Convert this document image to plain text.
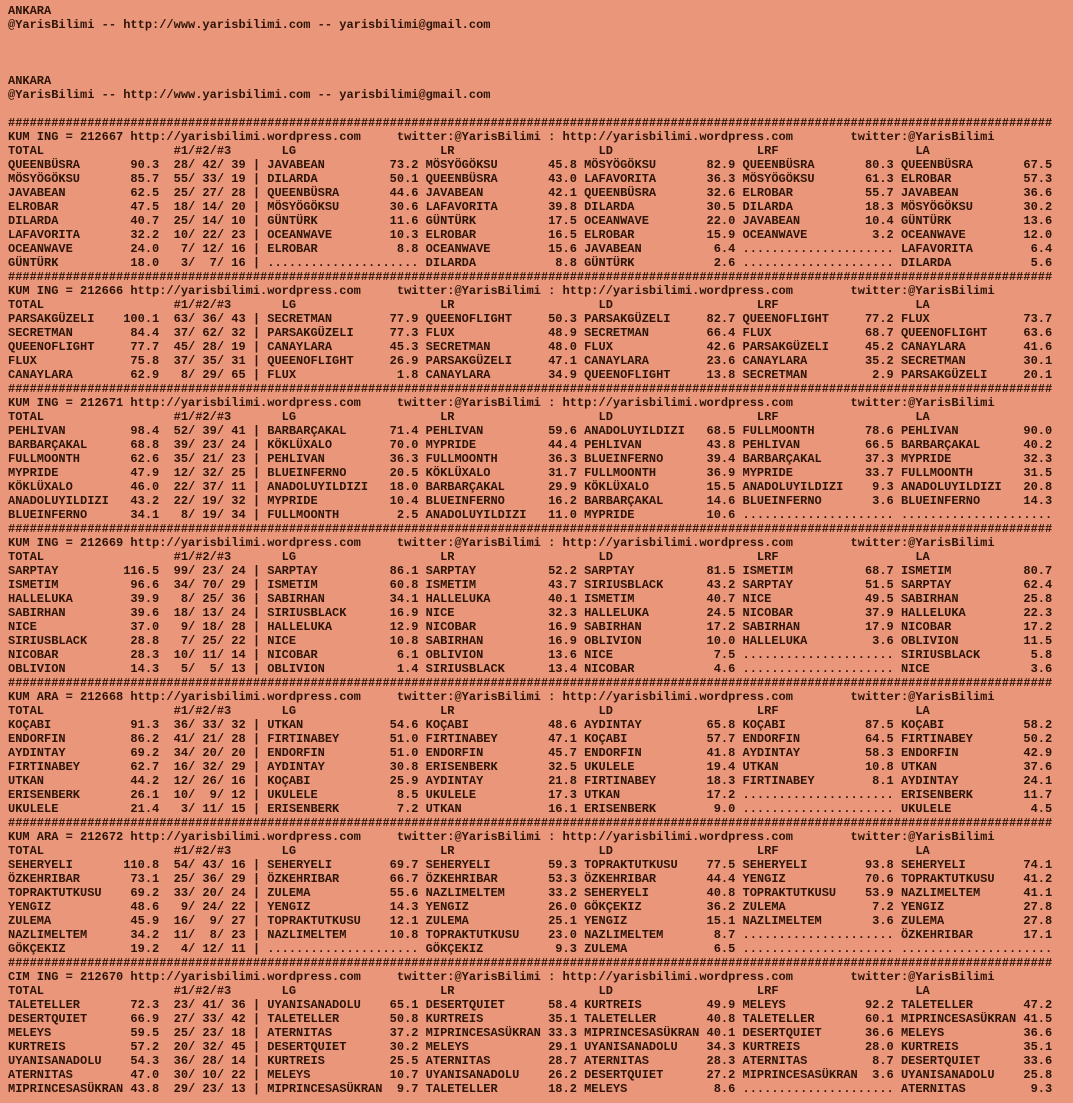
ANKARA
@YarisBilimi -- http://www.yarisbilimi.com -- yarisbilimi@gmail.com
ANKARA
@YarisBilimi -- http://www.yarisbilimi.com -- yarisbilimi@gmail.com
#################################################################################################################################################
KUM ING = 212667 http://yarisbilimi.wordpress.com     twitter:@YarisBilimi : http://yarisbilimi.wordpress.com        twitter:@YarisBilimi
TOTAL                  #1/#2/#3       LG                    LR                    LD                    LRF                   LA
QUEENBÜSRA       90.3  28/ 42/ 39 | JAVABEAN         73.2 MÖSYÖGÖKSU       45.8 MÖSYÖGÖKSU       82.9 QUEENBÜSRA       80.3 QUEENBÜSRA       67.5
MÖSYÖGÖKSU       85.7  55/ 33/ 19 | DILARDA          50.1 QUEENBÜSRA       43.0 LAFAVORITA       36.3 MÖSYÖGÖKSU       61.3 ELROBAR          57.3
JAVABEAN         62.5  25/ 27/ 28 | QUEENBÜSRA       44.6 JAVABEAN         42.1 QUEENBÜSRA       32.6 ELROBAR          55.7 JAVABEAN         36.6
ELROBAR          47.5  18/ 14/ 20 | MÖSYÖGÖKSU       30.6 LAFAVORITA       39.8 DILARDA          30.5 DILARDA          18.3 MÖSYÖGÖKSU       30.2
DILARDA          40.7  25/ 14/ 10 | GÜNTÜRK          11.6 GÜNTÜRK          17.5 OCEANWAVE        22.0 JAVABEAN         10.4 GÜNTÜRK          13.6
LAFAVORITA       32.2  10/ 22/ 23 | OCEANWAVE        10.3 ELROBAR          16.5 ELROBAR          15.9 OCEANWAVE         3.2 OCEANWAVE        12.0
OCEANWAVE        24.0   7/ 12/ 16 | ELROBAR           8.8 OCEANWAVE        15.6 JAVABEAN          6.4 ..................... LAFAVORITA        6.4
GÜNTÜRK          18.0   3/  7/ 16 | ..................... DILARDA           8.8 GÜNTÜRK           2.6 ..................... DILARDA           5.6
#################################################################################################################################################
KUM ING = 212666 http://yarisbilimi.wordpress.com     twitter:@YarisBilimi : http://yarisbilimi.wordpress.com        twitter:@YarisBilimi
TOTAL                  #1/#2/#3       LG                    LR                    LD                    LRF                   LA
PARSAKGÜZELI    100.1  63/ 36/ 43 | SECRETMAN        77.9 QUEENOFLIGHT     50.3 PARSAKGÜZELI     82.7 QUEENOFLIGHT     77.2 FLUX             73.7
SECRETMAN        84.4  37/ 62/ 32 | PARSAKGÜZELI     77.3 FLUX             48.9 SECRETMAN        66.4 FLUX             68.7 QUEENOFLIGHT     63.6
QUEENOFLIGHT     77.7  45/ 28/ 19 | CANAYLARA        45.3 SECRETMAN        48.0 FLUX             42.6 PARSAKGÜZELI     45.2 CANAYLARA        41.6
FLUX             75.8  37/ 35/ 31 | QUEENOFLIGHT     26.9 PARSAKGÜZELI     47.1 CANAYLARA        23.6 CANAYLARA        35.2 SECRETMAN        30.1
CANAYLARA        62.9   8/ 29/ 65 | FLUX              1.8 CANAYLARA        34.9 QUEENOFLIGHT     13.8 SECRETMAN         2.9 PARSAKGÜZELI     20.1
#################################################################################################################################################
KUM ING = 212671 http://yarisbilimi.wordpress.com     twitter:@YarisBilimi : http://yarisbilimi.wordpress.com        twitter:@YarisBilimi
TOTAL                  #1/#2/#3       LG                    LR                    LD                    LRF                   LA
PEHLIVAN         98.4  52/ 39/ 41 | BARBARÇAKAL      71.4 PEHLIVAN         59.6 ANADOLUYILDIZI   68.5 FULLMOONTH       78.6 PEHLIVAN         90.0
BARBARÇAKAL      68.8  39/ 23/ 24 | KÖKLÜXALO        70.0 MYPRIDE          44.4 PEHLIVAN         43.8 PEHLIVAN         66.5 BARBARÇAKAL      40.2
FULLMOONTH       62.6  35/ 21/ 23 | PEHLIVAN         36.3 FULLMOONTH       36.3 BLUEINFERNO      39.4 BARBARÇAKAL      37.3 MYPRIDE          32.3
MYPRIDE          47.9  12/ 32/ 25 | BLUEINFERNO      20.5 KÖKLÜXALO        31.7 FULLMOONTH       36.9 MYPRIDE          33.7 FULLMOONTH       31.5
KÖKLÜXALO        46.0  22/ 37/ 11 | ANADOLUYILDIZI   18.0 BARBARÇAKAL      29.9 KÖKLÜXALO        15.5 ANADOLUYILDIZI    9.3 ANADOLUYILDIZI   20.8
ANADOLUYILDIZI   43.2  22/ 19/ 32 | MYPRIDE          10.4 BLUEINFERNO      16.2 BARBARÇAKAL      14.6 BLUEINFERNO       3.6 BLUEINFERNO      14.3
BLUEINFERNO      34.1   8/ 19/ 34 | FULLMOONTH        2.5 ANADOLUYILDIZI   11.0 MYPRIDE          10.6 ..................... .....................
#################################################################################################################################################
KUM ING = 212669 http://yarisbilimi.wordpress.com     twitter:@YarisBilimi : http://yarisbilimi.wordpress.com        twitter:@YarisBilimi
TOTAL                  #1/#2/#3       LG                    LR                    LD                    LRF                   LA
SARPTAY         116.5  99/ 23/ 24 | SARPTAY          86.1 SARPTAY          52.2 SARPTAY          81.5 ISMETIM          68.7 ISMETIM          80.7
ISMETIM          96.6  34/ 70/ 29 | ISMETIM          60.8 ISMETIM          43.7 SIRIUSBLACK      43.2 SARPTAY          51.5 SARPTAY          62.4
HALLELUKA        39.9   8/ 25/ 36 | SABIRHAN         34.1 HALLELUKA        40.1 ISMETIM          40.7 NICE             49.5 SABIRHAN         25.8
SABIRHAN         39.6  18/ 13/ 24 | SIRIUSBLACK      16.9 NICE             32.3 HALLELUKA        24.5 NICOBAR          37.9 HALLELUKA        22.3
NICE             37.0   9/ 18/ 28 | HALLELUKA        12.9 NICOBAR          16.9 SABIRHAN         17.2 SABIRHAN         17.9 NICOBAR          17.2
SIRIUSBLACK      28.8   7/ 25/ 22 | NICE             10.8 SABIRHAN         16.9 OBLIVION         10.0 HALLELUKA         3.6 OBLIVION         11.5
NICOBAR          28.3  10/ 11/ 14 | NICOBAR           6.1 OBLIVION         13.6 NICE              7.5 ..................... SIRIUSBLACK       5.8
OBLIVION         14.3   5/  5/ 13 | OBLIVION          1.4 SIRIUSBLACK      13.4 NICOBAR           4.6 ..................... NICE              3.6
#################################################################################################################################################
KUM ARA = 212668 http://yarisbilimi.wordpress.com     twitter:@YarisBilimi : http://yarisbilimi.wordpress.com        twitter:@YarisBilimi
TOTAL                  #1/#2/#3       LG                    LR                    LD                    LRF                   LA
KOÇABI           91.3  36/ 33/ 32 | UTKAN            54.6 KOÇABI           48.6 AYDINTAY         65.8 KOÇABI           87.5 KOÇABI           58.2
ENDORFIN         86.2  41/ 21/ 28 | FIRTINABEY       51.0 FIRTINABEY       47.1 KOÇABI           57.7 ENDORFIN         64.5 FIRTINABEY       50.2
AYDINTAY         69.2  34/ 20/ 20 | ENDORFIN         51.0 ENDORFIN         45.7 ENDORFIN         41.8 AYDINTAY         58.3 ENDORFIN         42.9
FIRTINABEY       62.7  16/ 32/ 29 | AYDINTAY         30.8 ERISENBERK       32.5 UKULELE          19.4 UTKAN            10.8 UTKAN            37.6
UTKAN            44.2  12/ 26/ 16 | KOÇABI           25.9 AYDINTAY         21.8 FIRTINABEY       18.3 FIRTINABEY        8.1 AYDINTAY         24.1
ERISENBERK       26.1  10/  9/ 12 | UKULELE           8.5 UKULELE          17.3 UTKAN            17.2 ..................... ERISENBERK       11.7
UKULELE          21.4   3/ 11/ 15 | ERISENBERK        7.2 UTKAN            16.1 ERISENBERK        9.0 ..................... UKULELE           4.5
#################################################################################################################################################
KUM ARA = 212672 http://yarisbilimi.wordpress.com     twitter:@YarisBilimi : http://yarisbilimi.wordpress.com        twitter:@YarisBilimi
TOTAL                  #1/#2/#3       LG                    LR                    LD                    LRF                   LA
SEHERYELI       110.8  54/ 43/ 16 | SEHERYELI        69.7 SEHERYELI        59.3 TOPRAKTUTKUSU    77.5 SEHERYELI        93.8 SEHERYELI        74.1
ÖZKEHRIBAR       73.1  25/ 36/ 29 | ÖZKEHRIBAR       66.7 ÖZKEHRIBAR       53.3 ÖZKEHRIBAR       44.4 YENGIZ           70.6 TOPRAKTUTKUSU    41.2
TOPRAKTUTKUSU    69.2  33/ 20/ 24 | ZULEMA           55.6 NAZLIMELTEM      33.2 SEHERYELI        40.8 TOPRAKTUTKUSU    53.9 NAZLIMELTEM      41.1
YENGIZ           48.6   9/ 24/ 22 | YENGIZ           14.3 YENGIZ           26.0 GÖKÇEKIZ         36.2 ZULEMA            7.2 YENGIZ           27.8
ZULEMA           45.9  16/  9/ 27 | TOPRAKTUTKUSU    12.1 ZULEMA           25.1 YENGIZ           15.1 NAZLIMELTEM       3.6 ZULEMA           27.8
NAZLIMELTEM      34.2  11/  8/ 23 | NAZLIMELTEM      10.8 TOPRAKTUTKUSU    23.0 NAZLIMELTEM       8.7 ..................... ÖZKEHRIBAR       17.1
GÖKÇEKIZ         19.2   4/ 12/ 11 | ..................... GÖKÇEKIZ          9.3 ZULEMA            6.5 ..................... .....................
#################################################################################################################################################
CIM ING = 212670 http://yarisbilimi.wordpress.com     twitter:@YarisBilimi : http://yarisbilimi.wordpress.com        twitter:@YarisBilimi
TOTAL                  #1/#2/#3       LG                    LR                    LD                    LRF                   LA
TALETELLER       72.3  23/ 41/ 36 | UYANISANADOLU    65.1 DESERTQUIET      58.4 KURTREIS         49.9 MELEYS           92.2 TALETELLER       47.2
DESERTQUIET      66.9  27/ 33/ 42 | TALETELLER       50.8 KURTREIS         35.1 TALETELLER       40.8 TALETELLER       60.1 MIPRINCESASÜKRAN 41.5
MELEYS           59.5  25/ 23/ 18 | ATERNITAS        37.2 MIPRINCESASÜKRAN 33.3 MIPRINCESASÜKRAN 40.1 DESERTQUIET      36.6 MELEYS           36.6
KURTREIS         57.2  20/ 32/ 45 | DESERTQUIET      30.2 MELEYS           29.1 UYANISANADOLU    34.3 KURTREIS         28.0 KURTREIS         35.1
UYANISANADOLU    54.3  36/ 28/ 14 | KURTREIS         25.5 ATERNITAS        28.7 ATERNITAS        28.3 ATERNITAS         8.7 DESERTQUIET      33.6
ATERNITAS        47.0  30/ 10/ 22 | MELEYS           10.7 UYANISANADOLU    26.2 DESERTQUIET      27.2 MIPRINCESASÜKRAN  3.6 UYANISANADOLU    25.8
MIPRINCESASÜKRAN 43.8  29/ 23/ 13 | MIPRINCESASÜKRAN  9.7 TALETELLER       18.2 MELEYS            8.6 ..................... ATERNITAS         9.3
